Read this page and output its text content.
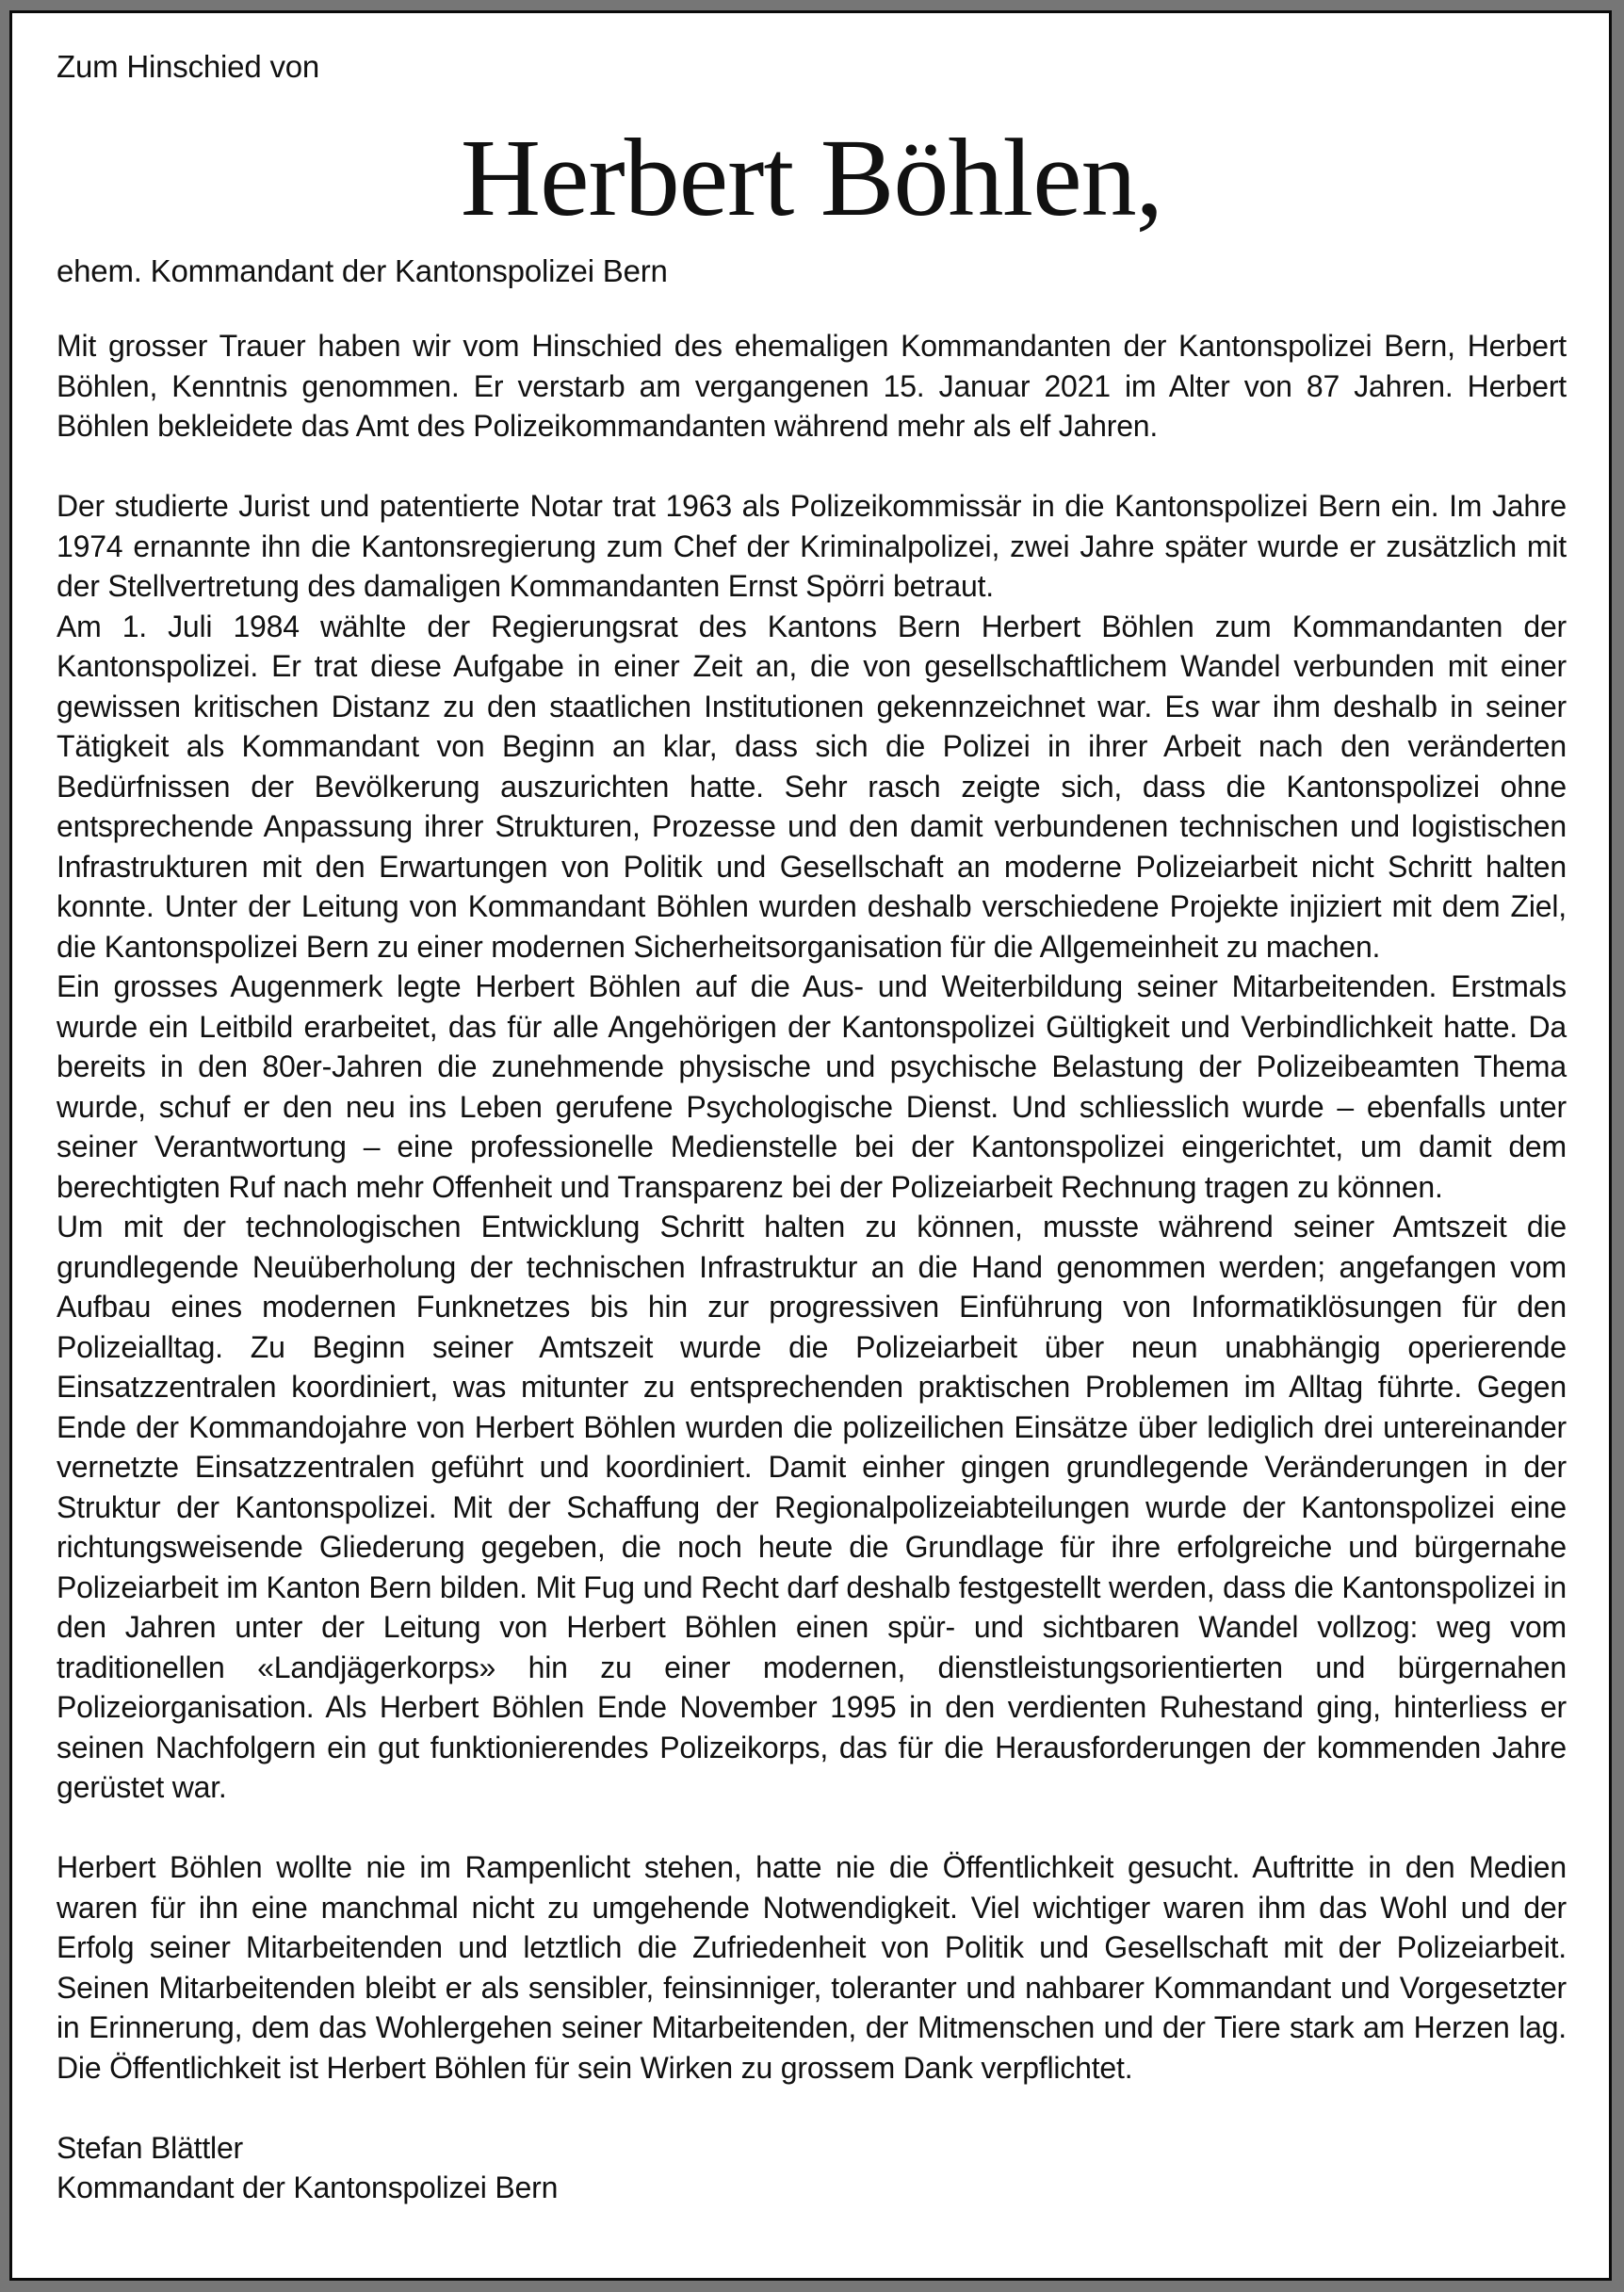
Zum Hinschied von
Herbert Böhlen,
ehem. Kommandant der Kantonspolizei Bern

Mit grosser Trauer haben wir vom Hinschied des ehemaligen Kommandanten der Kantonspolizei Bern, Herbert Böhlen, Kenntnis genommen. Er verstarb am vergangenen 15. Januar 2021 im Alter von 87 Jahren. Herbert Böhlen bekleidete das Amt des Polizeikommandanten während mehr als elf Jahren.

Der studierte Jurist und patentierte Notar trat 1963 als Polizeikommissär in die Kantonspolizei Bern ein. Im Jahre 1974 ernannte ihn die Kantonsregierung zum Chef der Kriminalpolizei, zwei Jahre später wurde er zusätzlich mit der Stellvertretung des damaligen Kommandanten Ernst Spörri betraut.

Am 1. Juli 1984 wählte der Regierungsrat des Kantons Bern Herbert Böhlen zum Kommandanten der Kantonspolizei. Er trat diese Aufgabe in einer Zeit an, die von gesellschaftlichem Wandel verbunden mit einer gewissen kritischen Distanz zu den staatlichen Institutionen gekennzeichnet war. Es war ihm deshalb in seiner Tätigkeit als Kommandant von Beginn an klar, dass sich die Polizei in ihrer Arbeit nach den veränderten Bedürfnissen der Bevölkerung auszurichten hatte. Sehr rasch zeigte sich, dass die Kantonspolizei ohne entsprechende Anpassung ihrer Strukturen, Prozesse und den damit verbundenen technischen und logistischen Infrastrukturen mit den Erwartungen von Politik und Gesellschaft an moderne Polizeiarbeit nicht Schritt halten konnte. Unter der Leitung von Kommandant Böhlen wurden deshalb verschiedene Projekte injiziert mit dem Ziel, die Kantonspolizei Bern zu einer modernen Sicherheitsorganisation für die Allgemeinheit zu machen.

Ein grosses Augenmerk legte Herbert Böhlen auf die Aus- und Weiterbildung seiner Mitarbeitenden. Erstmals wurde ein Leitbild erarbeitet, das für alle Angehörigen der Kantonspolizei Gültigkeit und Verbindlichkeit hatte. Da bereits in den 80er-Jahren die zunehmende physische und psychische Belastung der Polizeibeamten Thema wurde, schuf er den neu ins Leben gerufene Psychologische Dienst. Und schliesslich wurde – ebenfalls unter seiner Verantwortung – eine professionelle Medienstelle bei der Kantonspolizei eingerichtet, um damit dem berechtigten Ruf nach mehr Offenheit und Transparenz bei der Polizeiarbeit Rechnung tragen zu können.

Um mit der technologischen Entwicklung Schritt halten zu können, musste während seiner Amtszeit die grundlegende Neuüberholung der technischen Infrastruktur an die Hand genommen werden; angefangen vom Aufbau eines modernen Funknetzes bis hin zur progressiven Einführung von Informatiklösungen für den Polizeialltag. Zu Beginn seiner Amtszeit wurde die Polizeiarbeit über neun unabhängig operierende Einsatzzentralen koordiniert, was mitunter zu entsprechenden praktischen Problemen im Alltag führte. Gegen Ende der Kommandojahre von Herbert Böhlen wurden die polizeilichen Einsätze über lediglich drei untereinander vernetzte Einsatzzentralen geführt und koordiniert. Damit einher gingen grundlegende Veränderungen in der Struktur der Kantonspolizei. Mit der Schaffung der Regionalpolizeiabteilungen wurde der Kantonspolizei eine richtungsweisende Gliederung gegeben, die noch heute die Grundlage für ihre erfolgreiche und bürgernahe Polizeiarbeit im Kanton Bern bilden. Mit Fug und Recht darf deshalb festgestellt werden, dass die Kantonspolizei in den Jahren unter der Leitung von Herbert Böhlen einen spür- und sichtbaren Wandel vollzog: weg vom traditionellen «Landjägerkorps» hin zu einer modernen, dienstleistungsorientierten und bürgernahen Polizeiorganisation. Als Herbert Böhlen Ende November 1995 in den verdienten Ruhestand ging, hinterliess er seinen Nachfolgern ein gut funktionierendes Polizeikorps, das für die Herausforderungen der kommenden Jahre gerüstet war.

Herbert Böhlen wollte nie im Rampenlicht stehen, hatte nie die Öffentlichkeit gesucht. Auftritte in den Medien waren für ihn eine manchmal nicht zu umgehende Notwendigkeit. Viel wichtiger waren ihm das Wohl und der Erfolg seiner Mitarbeitenden und letztlich die Zufriedenheit von Politik und Gesellschaft mit der Polizeiarbeit. Seinen Mitarbeitenden bleibt er als sensibler, feinsinniger, toleranter und nahbarer Kommandant und Vorgesetzter in Erinnerung, dem das Wohlergehen seiner Mitarbeitenden, der Mitmenschen und der Tiere stark am Herzen lag. Die Öffentlichkeit ist Herbert Böhlen für sein Wirken zu grossem Dank verpflichtet.

Stefan Blättler
Kommandant der Kantonspolizei Bern
